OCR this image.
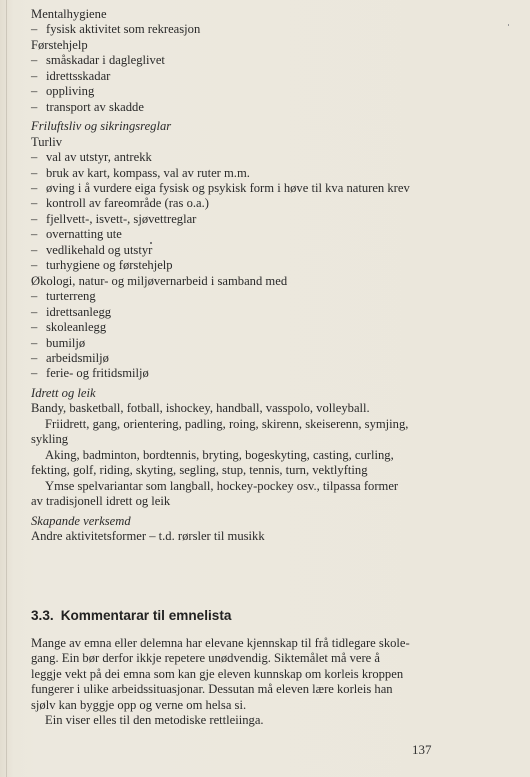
Mentalhygiene
– fysisk aktivitet som rekreasjon
Førstehjelp
– småskadar i dagleglivet
– idrettsskadar
– oppliving
– transport av skadde
Friluftsliv og sikringsreglar
Turliv
– val av utstyr, antrekk
– bruk av kart, kompass, val av ruter m.m.
– øving i å vurdere eiga fysisk og psykisk form i høve til kva naturen krev
– kontroll av fareområde (ras o.a.)
– fjellvett-, isvett-, sjøvettreglar
– overnatting ute
– vedlikehald og utstyr
– turhygiene og førstehjelp
Økologi, natur- og miljøvernarbeid i samband med
– turterreng
– idrettsanlegg
– skoleanlegg
– bumiljø
– arbeidsmiljø
– ferie- og fritidsmiljø
Idrett og leik
Bandy, basketball, fotball, ishockey, handball, vasspolo, volleyball.
Friidrett, gang, orientering, padling, roing, skirenn, skeiserenn, symjing,
sykling
Aking, badminton, bordtennis, bryting, bogeskyting, casting, curling,
fekting, golf, riding, skyting, segling, stup, tennis, turn, vektlyfting
Ymse spelvariantar som langball, hockey-pockey osv., tilpassa former
av tradisjonell idrett og leik
Skapande verksemd
Andre aktivitetsformer – t.d. rørsler til musikk
3.3. Kommentarar til emnelista
Mange av emna eller delemna har elevane kjennskap til frå tidlegare skole-
gang. Ein bør derfor ikkje repetere unødvendig. Siktemålet må vere å
leggje vekt på dei emna som kan gje eleven kunnskap om korleis kroppen
fungerer i ulike arbeidssituasjonar. Dessutan må eleven lære korleis han
sjølv kan byggje opp og verne om helsa si.
Ein viser elles til den metodiske rettleiinga.
137
